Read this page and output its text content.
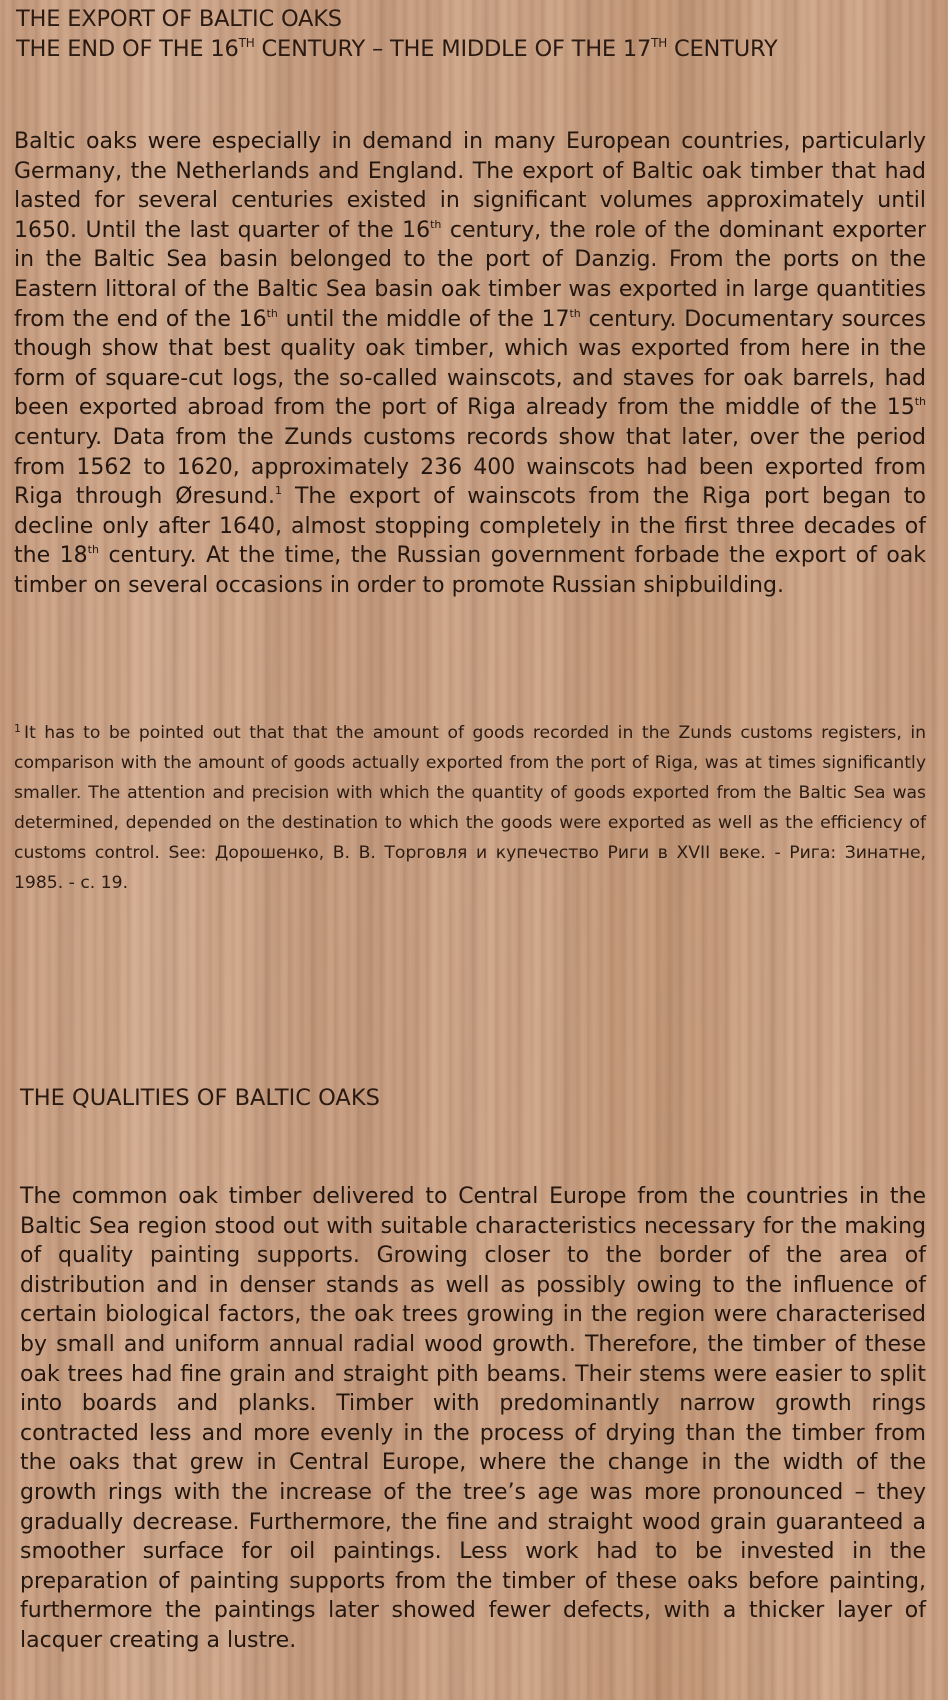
THE EXPORT OF BALTIC OAKS
THE END OF THE 16TH CENTURY – THE MIDDLE OF THE 17TH CENTURY
Baltic oaks were especially in demand in many European countries, particularly Germany, the Netherlands and England. The export of Baltic oak timber that had lasted for several centuries existed in significant volumes approximately until 1650. Until the last quarter of the 16th century, the role of the dominant exporter in the Baltic Sea basin belonged to the port of Danzig. From the ports on the Eastern littoral of the Baltic Sea basin oak timber was exported in large quantities from the end of the 16th until the middle of the 17th century. Documentary sources though show that best quality oak timber, which was exported from here in the form of square-cut logs, the so-called wainscots, and staves for oak barrels, had been exported abroad from the port of Riga already from the middle of the 15th century. Data from the Zunds customs records show that later, over the period from 1562 to 1620, approximately 236 400 wainscots had been exported from Riga through Øresund.$^1$ The export of wainscots from the Riga port began to decline only after 1640, almost stopping completely in the first three decades of the 18th century. At the time, the Russian government forbade the export of oak timber on several occasions in order to promote Russian shipbuilding.
$^1$ It has to be pointed out that that the amount of goods recorded in the Zunds customs registers, in comparison with the amount of goods actually exported from the port of Riga, was at times significantly smaller. The attention and precision with which the quantity of goods exported from the Baltic Sea was determined, depended on the destination to which the goods were exported as well as the efficiency of customs control. See: Дорошенко, В. В. Торговля и купечество Риги в XVII веке. - Рига: Зинатне, 1985. - с. 19.
THE QUALITIES OF BALTIC OAKS
The common oak timber delivered to Central Europe from the countries in the Baltic Sea region stood out with suitable characteristics necessary for the making of quality painting supports. Growing closer to the border of the area of distribution and in denser stands as well as possibly owing to the influence of certain biological factors, the oak trees growing in the region were characterised by small and uniform annual radial wood growth. Therefore, the timber of these oak trees had fine grain and straight pith beams. Their stems were easier to split into boards and planks. Timber with predominantly narrow growth rings contracted less and more evenly in the process of drying than the timber from the oaks that grew in Central Europe, where the change in the width of the growth rings with the increase of the tree’s age was more pronounced – they gradually decrease. Furthermore, the fine and straight wood grain guaranteed a smoother surface for oil paintings. Less work had to be invested in the preparation of painting supports from the timber of these oaks before painting, furthermore the paintings later showed fewer defects, with a thicker layer of lacquer creating a lustre.
